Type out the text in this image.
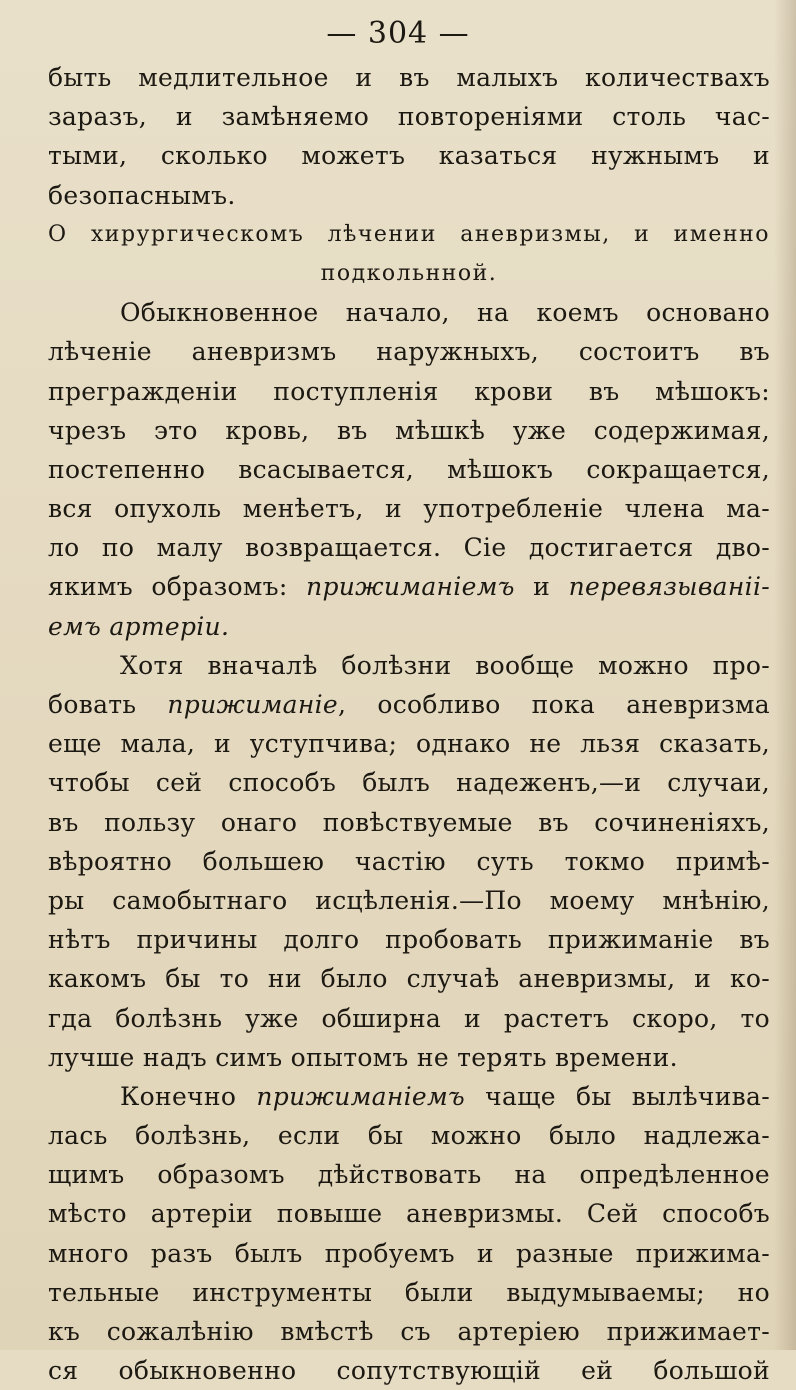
— 304 —
быть медлительное и въ малыхъ количествахъ
заразъ, и замѣняемо повтореніями столь час-
тыми, сколько можетъ казаться нужнымъ и
безопаснымъ.
О хирургическомъ лѣчении аневризмы, и именно
подкольнной.
Обыкновенное начало, на коемъ основано
лѣченіе аневризмъ наружныхъ, состоитъ въ
прегражденіи поступленія крови въ мѣшокъ:
чрезъ это кровь, въ мѣшкѣ уже содержимая,
постепенно всасывается, мѣшокъ сокращается,
вся опухоль менѣетъ, и употребленіе члена ма-
ло по малу возвращается. Сіе достигается дво-
якимъ образомъ: прижиманіемъ и перевязываніі-
емъ артеріи.
Хотя вначалѣ болѣзни вообще можно про-
бовать прижиманіе, особливо пока аневризма
еще мала, и уступчива; однако не льзя сказать,
чтобы сей способъ былъ надеженъ,—и случаи,
въ пользу онаго повѣствуемые въ сочиненіяхъ,
вѣроятно большею частію суть токмо примѣ-
ры самобытнаго исцѣленія.—По моему мнѣнію,
нѣтъ причины долго пробовать прижиманіе въ
какомъ бы то ни было случаѣ аневризмы, и ко-
гда болѣзнь уже обширна и растетъ скоро, то
лучше надъ симъ опытомъ не терять времени.
Конечно прижиманіемъ чаще бы вылѣчива-
лась болѣзнь, если бы можно было надлежа-
щимъ образомъ дѣйствовать на опредѣленное
мѣсто артеріи повыше аневризмы. Сей способъ
много разъ былъ пробуемъ и разные прижима-
тельные инструменты были выдумываемы; но
къ сожалѣнію вмѣстѣ съ артеріею прижимает-
ся обыкновенно сопутствующій ей большой
